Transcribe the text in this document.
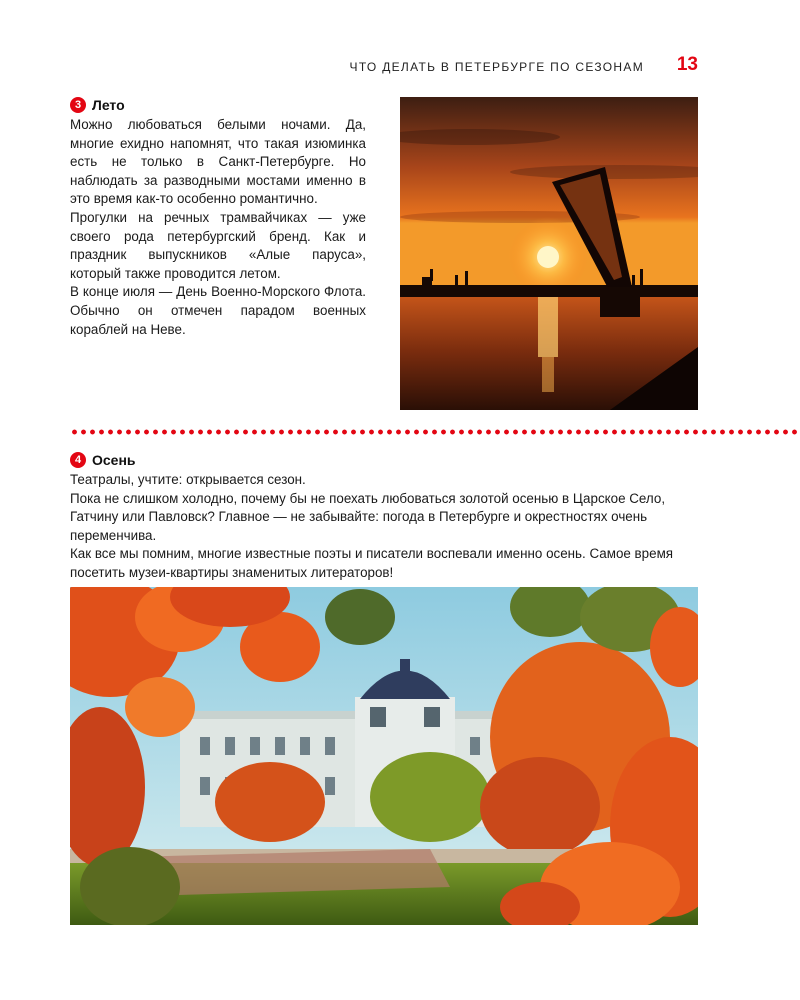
ЧТО ДЕЛАТЬ В ПЕТЕРБУРГЕ ПО СЕЗОНАМ 13
3 Лето

Можно любоваться белыми ночами. Да, многие ехидно напомнят, что такая изюминка есть не только в Санкт-Петербурге. Но наблюдать за разводными мостами именно в это время как-то особенно романтично.

Прогулки на речных трамвайчиках — уже своего рода петербургский бренд. Как и праздник выпускников «Алые паруса», который также проводится летом.

В конце июля — День Военно-Морского Флота. Обычно он отмечен парадом военных кораблей на Неве.

4 Осень

Театралы, учтите: открывается сезон.

Пока не слишком холодно, почему бы не поехать любоваться золотой осенью в Царское Село, Гатчину или Павловск? Главное — не забывайте: погода в Петербурге и окрестностях очень переменчива.

Как все мы помним, многие известные поэты и писатели воспевали именно осень. Самое время посетить музеи-квартиры знаменитых литераторов!
